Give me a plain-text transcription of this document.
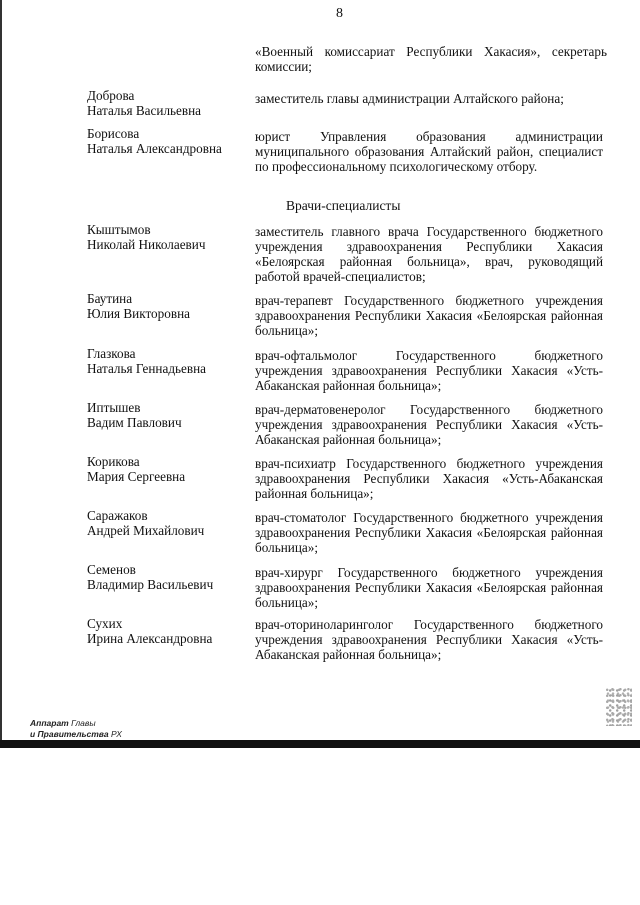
8
«Военный комиссариат Республики Хакасия», секретарь комиссии;
Доброва
Наталья Васильевна
заместитель главы администрации Алтайского района;
Борисова
Наталья Александровна
юрист Управления образования администрации муниципального образования Алтайский район, специалист по профессиональному психологическому отбору.
Врачи-специалисты
Кыштымов
Николай Николаевич
заместитель главного врача Государственного бюджетного учреждения здравоохранения Республики Хакасия «Белоярская районная больница», врач, руководящий работой врачей-специалистов;
Баутина
Юлия Викторовна
врач-терапевт Государственного бюджетного учреждения здравоохранения Республики Хакасия «Белоярская районная больница»;
Глазкова
Наталья Геннадьевна
врач-офтальмолог Государственного бюджетного учреждения здравоохранения Республики Хакасия «Усть-Абаканская районная больница»;
Иптышев
Вадим Павлович
врач-дерматовенеролог Государственного бюджетного учреждения здравоохранения Республики Хакасия «Усть-Абаканская районная больница»;
Корикова
Мария Сергеевна
врач-психиатр Государственного бюджетного учреждения здравоохранения Республики Хакасия «Усть-Абаканская районная больница»;
Саражаков
Андрей Михайлович
врач-стоматолог Государственного бюджетного учреждения здравоохранения Республики Хакасия «Белоярская районная больница»;
Семенов
Владимир Васильевич
врач-хирург Государственного бюджетного учреждения здравоохранения Республики Хакасия «Белоярская районная больница»;
Сухих
Ирина Александровна
врач-оториноларинголог Государственного бюджетного учреждения здравоохранения Республики Хакасия «Усть-Абаканская районная больница»;
Аппарат Главы
и Правительства РХ
